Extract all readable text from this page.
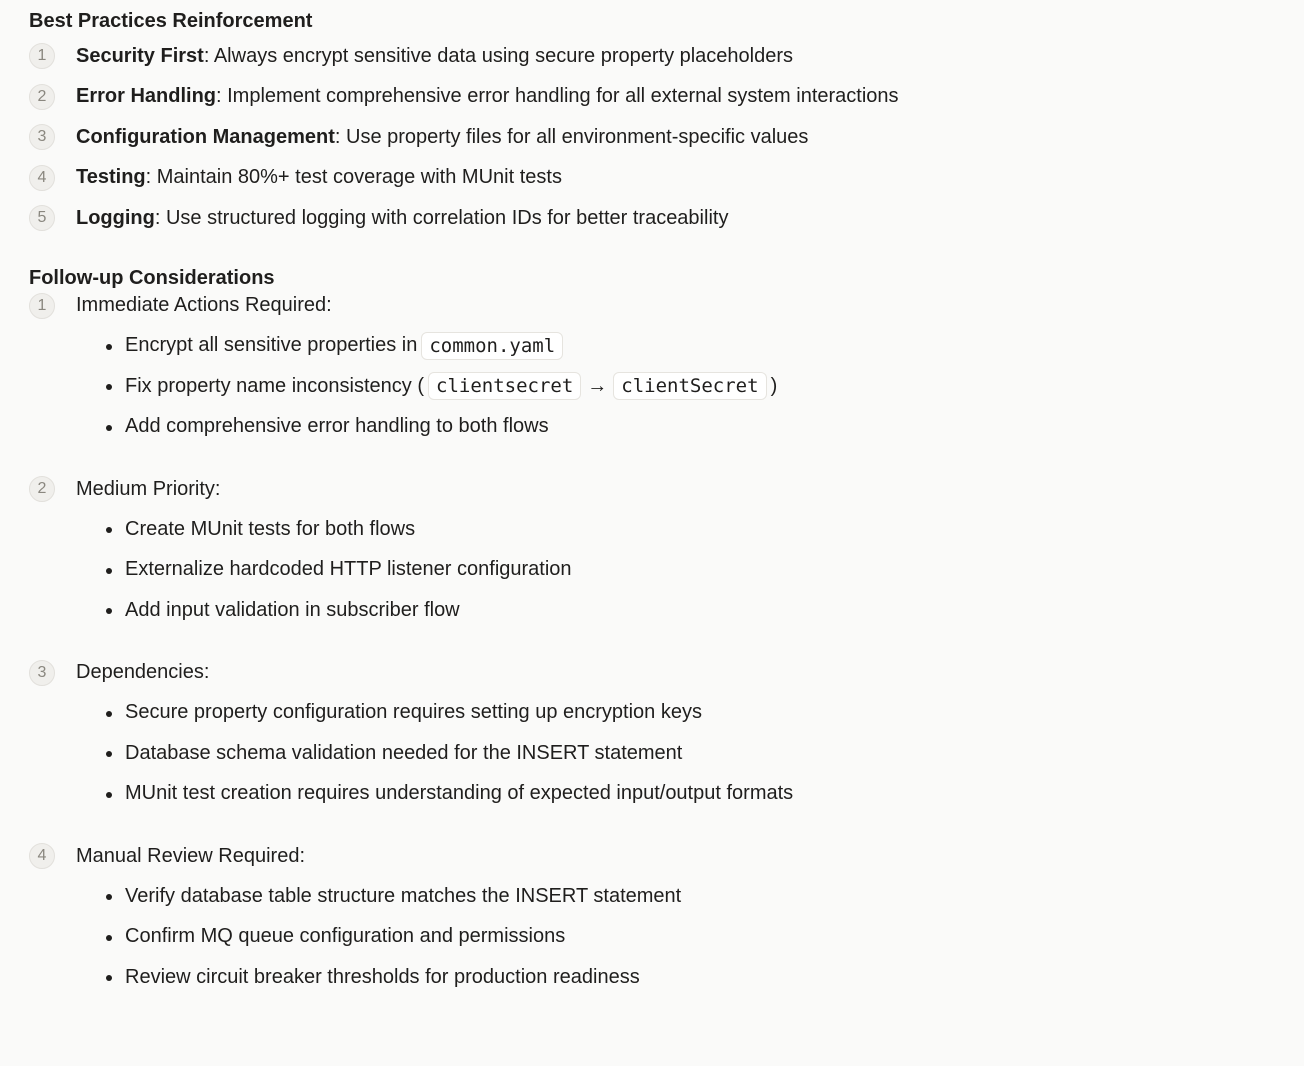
Best Practices Reinforcement
1	Security First: Always encrypt sensitive data using secure property placeholders
2	Error Handling: Implement comprehensive error handling for all external system interactions
3	Configuration Management: Use property files for all environment-specific values
4	Testing: Maintain 80%+ test coverage with MUnit tests
5	Logging: Use structured logging with correlation IDs for better traceability
Follow-up Considerations
1	Immediate Actions Required:
Encrypt all sensitive properties in common.yaml
Fix property name inconsistency ( clientsecret → clientSecret )
Add comprehensive error handling to both flows
2	Medium Priority:
Create MUnit tests for both flows
Externalize hardcoded HTTP listener configuration
Add input validation in subscriber flow
3	Dependencies:
Secure property configuration requires setting up encryption keys
Database schema validation needed for the INSERT statement
MUnit test creation requires understanding of expected input/output formats
4	Manual Review Required:
Verify database table structure matches the INSERT statement
Confirm MQ queue configuration and permissions
Review circuit breaker thresholds for production readiness
